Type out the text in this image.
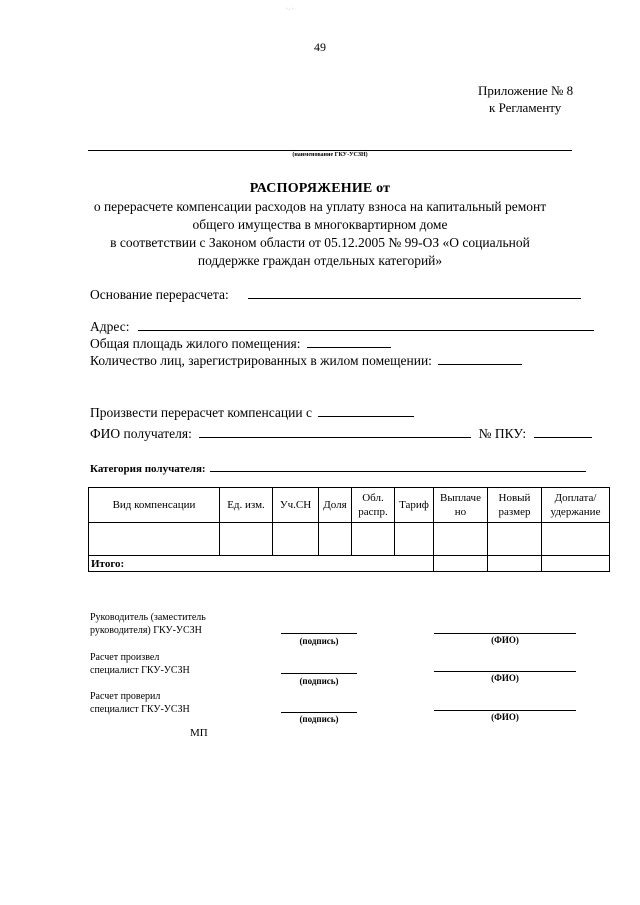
·.·
49
Приложение № 8
к Регламенту
(наименование ГКУ-УСЗН)
РАСПОРЯЖЕНИЕ от
о перерасчете компенсации расходов на уплату взноса на капитальный ремонт
общего имущества в многоквартирном доме
в соответствии с Законом области от 05.12.2005 № 99-ОЗ «О социальной
поддержке граждан отдельных категорий»
Основание перерасчета:
Адрес:
Общая площадь жилого помещения:
Количество лиц, зарегистрированных в жилом помещении:
Произвести перерасчет компенсации с
ФИО получателя:	№ ПКУ:
Категория получателя:
Вид компенсации	Ед. изм.	Уч.СН	Доля	Обл. распр.	Тариф	Выплаче но	Новый размер	Доплата/ удержание

Итого:								
Руководитель (заместитель
руководителя) ГКУ-УСЗН
(подпись)	(ФИО)
Расчет произвел
специалист ГКУ-УСЗН
(подпись)	(ФИО)
Расчет проверил
специалист ГКУ-УСЗН
(подпись)	(ФИО)
МП
